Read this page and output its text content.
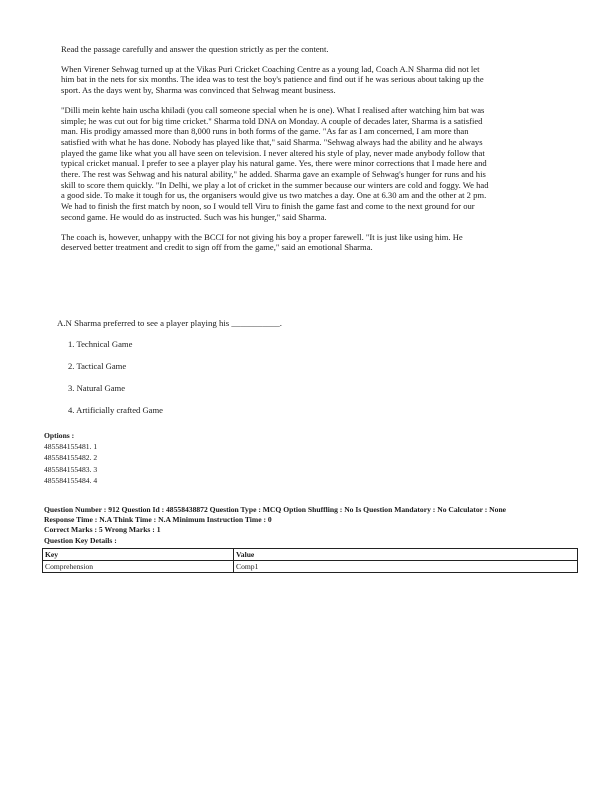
Read the passage carefully and answer the question strictly as per the content.

When Virener Sehwag turned up at the Vikas Puri Cricket Coaching Centre as a young lad, Coach A.N Sharma did not let him bat in the nets for six months. The idea was to test the boy's patience and find out if he was serious about taking up the sport. As the days went by, Sharma was convinced that Sehwag meant business.

"Dilli mein kehte hain uscha khiladi (you call someone special when he is one). What I realised after watching him bat was simple; he was cut out for big time cricket." Sharma told DNA on Monday. A couple of decades later, Sharma is a satisfied man. His prodigy amassed more than 8,000 runs in both forms of the game. "As far as I am concerned, I am more than satisfied with what he has done. Nobody has played like that," said Sharma. "Sehwag always had the ability and he always played the game like what you all have seen on television. I never altered his style of play, never made anybody follow that typical cricket manual. I prefer to see a player play his natural game. Yes, there were minor corrections that I made here and there. The rest was Sehwag and his natural ability," he added. Sharma gave an example of Sehwag's hunger for runs and his skill to score them quickly. "In Delhi, we play a lot of cricket in the summer because our winters are cold and foggy. We had a good side. To make it tough for us, the organisers would give us two matches a day. One at 6.30 am and the other at 2 pm. We had to finish the first match by noon, so I would tell Viru to finish the game fast and come to the next ground for our second game. He would do as instructed. Such was his hunger," said Sharma.

The coach is, however, unhappy with the BCCI for not giving his boy a proper farewell. "It is just like using him. He deserved better treatment and credit to sign off from the game," said an emotional Sharma.

A.N Sharma preferred to see a player playing his ___________.
1. Technical Game
2. Tactical Game
3. Natural Game
4. Artificially crafted Game
Options :
485584155481. 1
485584155482. 2
485584155483. 3
485584155484. 4
Question Number : 912 Question Id : 48558438872 Question Type : MCQ Option Shuffling : No Is Question Mandatory : No Calculator : None
Response Time : N.A Think Time : N.A Minimum Instruction Time : 0
Correct Marks : 5 Wrong Marks : 1
Question Key Details :
Key	Value
Comprehension	Comp1
